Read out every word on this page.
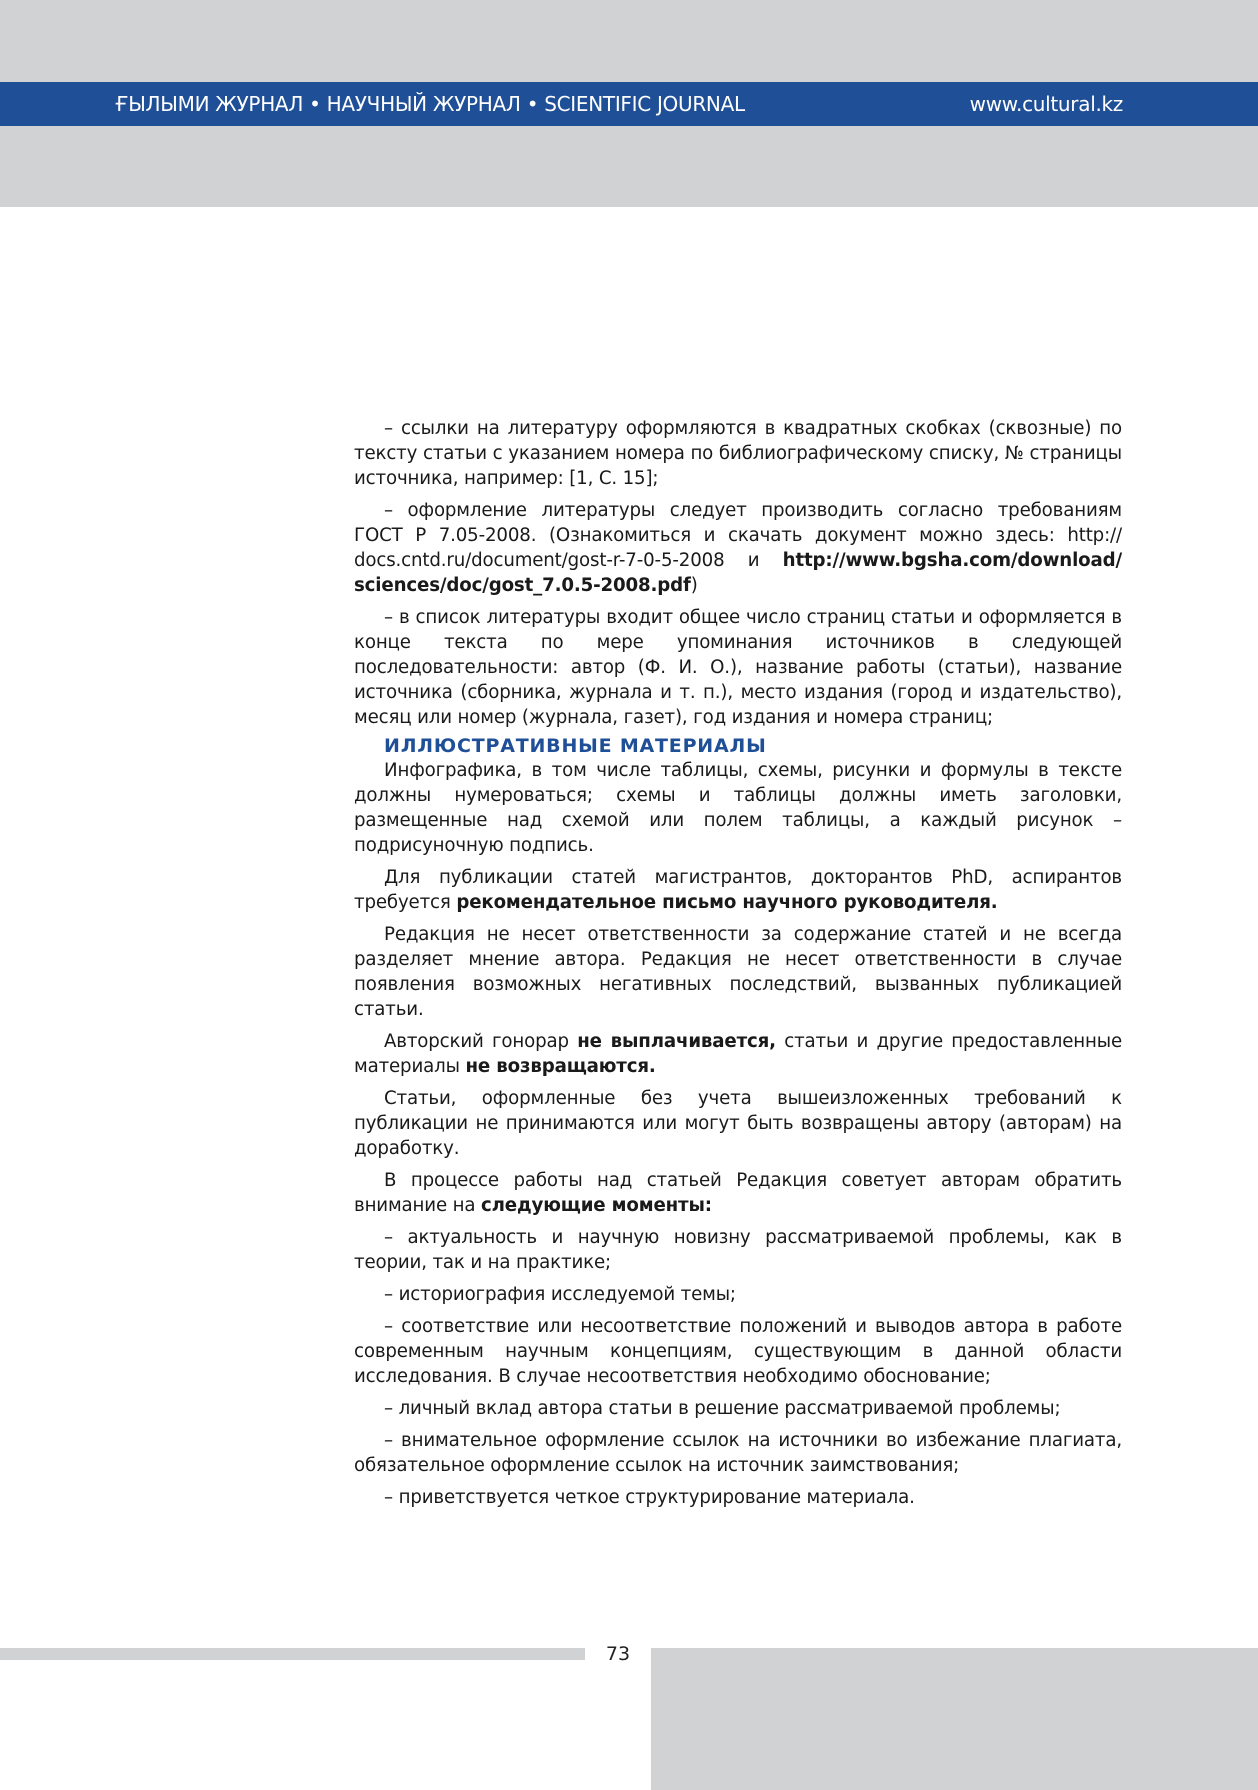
ҒЫЛЫМИ ЖУРНАЛ • НАУЧНЫЙ ЖУРНАЛ • SCIENTIFIC JOURNAL	www.cultural.kz

– ссылки на литературу оформляются в квадратных скобках (сквозные) по тексту статьи с указанием номера по библиографическому списку, № страницы источника, например: [1, С. 15];

– оформление литературы следует производить согласно требованиям ГОСТ Р 7.05-2008. (Ознакомиться и скачать документ можно здесь: http:// docs.cntd.ru/document/gost-r-7-0-5-2008 и http://www.bgsha.com/download/ sciences/doc/gost_7.0.5-2008.pdf)

– в список литературы входит общее число страниц статьи и оформляется в конце текста по мере упоминания источников в следующей последовательности: автор (Ф. И. О.), название работы (статьи), название источника (сборника, журнала и т. п.), место издания (город и издательство), месяц или номер (журнала, газет), год издания и номера страниц;

ИЛЛЮСТРАТИВНЫЕ МАТЕРИАЛЫ

Инфографика, в том числе таблицы, схемы, рисунки и формулы в тексте должны нумероваться; схемы и таблицы должны иметь заголовки, размещенные над схемой или полем таблицы, а каждый рисунок – подрисуночную подпись.

Для публикации статей магистрантов, докторантов PhD, аспирантов требуется рекомендательное письмо научного руководителя.

Редакция не несет ответственности за содержание статей и не всегда разделяет мнение автора. Редакция не несет ответственности в случае появления возможных негативных последствий, вызванных публикацией статьи.

Авторский гонорар не выплачивается, статьи и другие предоставленные материалы не возвращаются.

Статьи, оформленные без учета вышеизложенных требований к публикации не принимаются или могут быть возвращены автору (авторам) на доработку.

В процессе работы над статьей Редакция советует авторам обратить внимание на следующие моменты:

– актуальность и научную новизну рассматриваемой проблемы, как в теории, так и на практике;

– историография исследуемой темы;

– соответствие или несоответствие положений и выводов автора в работе современным научным концепциям, существующим в данной области исследования. В случае несоответствия необходимо обоснование;

– личный вклад автора статьи в решение рассматриваемой проблемы;

– внимательное оформление ссылок на источники во избежание плагиата, обязательное оформление ссылок на источник заимствования;

– приветствуется четкое структурирование материала.

73
